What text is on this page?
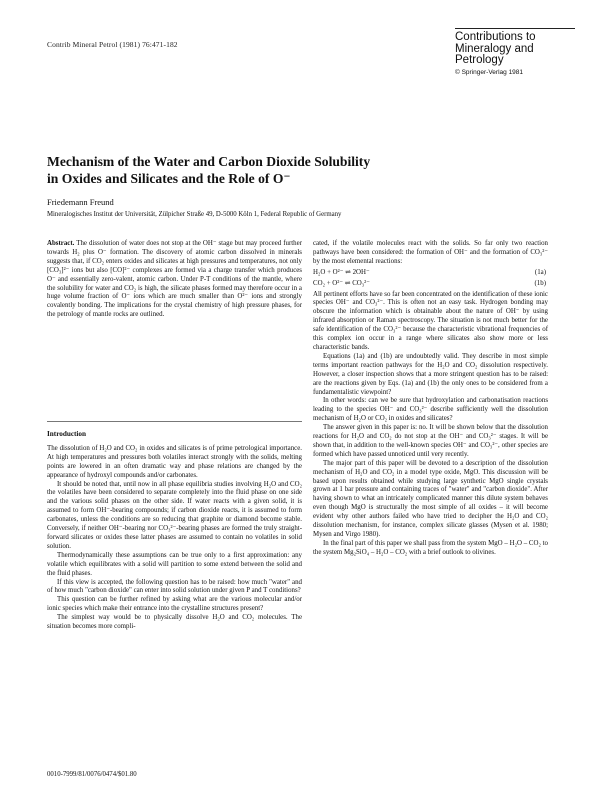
Contrib Mineral Petrol (1981) 76:471-182
Contributions to
Mineralogy and
Petrology
© Springer-Verlag 1981
Mechanism of the Water and Carbon Dioxide Solubility
in Oxides and Silicates and the Role of O⁻
Friedemann Freund
Mineralogisches Institut der Universität, Zülpicher Straße 49, D-5000 Köln 1, Federal Republic of Germany

Abstract. The dissolution of water does not stop at the OH⁻ stage but may proceed further towards H₂ plus O⁻ formation. The discovery of atomic carbon dissolved in minerals suggests that, if CO₂ enters oxides and silicates at high pressures and temperatures, not only [CO₃]²⁻ ions but also [CO]²⁻ complexes are formed via a charge transfer which produces O⁻ and essentially zero-valent, atomic carbon. Under P-T conditions of the mantle, where the solubility for water and CO₂ is high, the silicate phases formed may therefore occur in a huge volume fraction of O⁻ ions which are much smaller than O²⁻ ions and strongly covalently bonding. The implications for the crystal chemistry of high pressure phases, for the petrology of mantle rocks are outlined.

Introduction

The dissolution of H₂O and CO₂ in oxides and silicates is of prime petrological importance. At high temperatures and pressures both volatiles interact strongly with the solids, melting points are lowered in an often dramatic way and phase relations are changed by the appearance of hydroxyl compounds and/or carbonates.

It should be noted that, until now in all phase equilibria studies involving H₂O and CO₂ the volatiles have been considered to separate completely into the fluid phase on one side and the various solid phases on the other side. If water reacts with a given solid, it is assumed to form OH⁻-bearing compounds; if carbon dioxide reacts, it is assumed to form carbonates, unless the conditions are so reducing that graphite or diamond become stable. Conversely, if neither OH⁻-bearing nor CO₃²⁻-bearing phases are formed the truly straight-forward silicates or oxides these latter phases are assumed to contain no volatiles in solid solution.

Thermodynamically these assumptions can be true only to a first approximation: any volatile which equilibrates with a solid will partition to some extend between the solid and the fluid phases.

If this view is accepted, the following question has to be raised: how much "water" and of how much "carbon dioxide" can enter into solid solution under given P and T conditions?

This question can be further refined by asking what are the various molecular and/or ionic species which make their entrance into the crystalline structures present?

The simplest way would be to physically dissolve H₂O and CO₂ molecules. The situation becomes more compli-

cated, if the volatile molecules react with the solids. So far only two reaction pathways have been considered: the formation of OH⁻ and the formation of CO₃²⁻ by the most elemental reactions:

H₂O + O²⁻ ⇌ 2OH⁻	(1a)
CO₂ + O²⁻ ⇌ CO₃²⁻	(1b)

All pertinent efforts have so far been concentrated on the identification of these ionic species OH⁻ and CO₃²⁻. This is often not an easy task. Hydrogen bonding may obscure the information which is obtainable about the nature of OH⁻ by using infrared absorption or Raman spectroscopy. The situation is not much better for the safe identification of the CO₃²⁻ because the characteristic vibrational frequencies of this complex ion occur in a range where silicates also show more or less characteristic bands.

Equations (1a) and (1b) are undoubtedly valid. They describe in most simple terms important reaction pathways for the H₂O and CO₂ dissolution respectively. However, a closer inspection shows that a more stringent question has to be raised: are the reactions given by Eqs. (1a) and (1b) the only ones to be considered from a fundamentalistic viewpoint?

In other words: can we be sure that hydroxylation and carbonatisation reactions leading to the species OH⁻ and CO₃²⁻ describe sufficiently well the dissolution mechanism of H₂O or CO₂ in oxides and silicates?

The answer given in this paper is: no. It will be shown below that the dissolution reactions for H₂O and CO₂ do not stop at the OH⁻ and CO₃²⁻ stages. It will be shown that, in addition to the well-known species OH⁻ and CO₃²⁻, other species are formed which have passed unnoticed until very recently.

The major part of this paper will be devoted to a description of the dissolution mechanism of H₂O and CO₂ in a model type oxide, MgO. This discussion will be based upon results obtained while studying large synthetic MgO single crystals grown at 1 bar pressure and containing traces of "water" and "carbon dioxide". After having shown to what an intricately complicated manner this dilute system behaves even though MgO is structurally the most simple of all oxides – it will become evident why other authors failed who have tried to decipher the H₂O and CO₂ dissolution mechanism, for instance, complex silicate glasses (Mysen et al. 1980; Mysen and Virgo 1980).

In the final part of this paper we shall pass from the system MgO – H₂O – CO₂ to the system Mg₂SiO₄ – H₂O – CO₂ with a brief outlook to olivines.

0010-7999/81/0076/0474/$01.80
